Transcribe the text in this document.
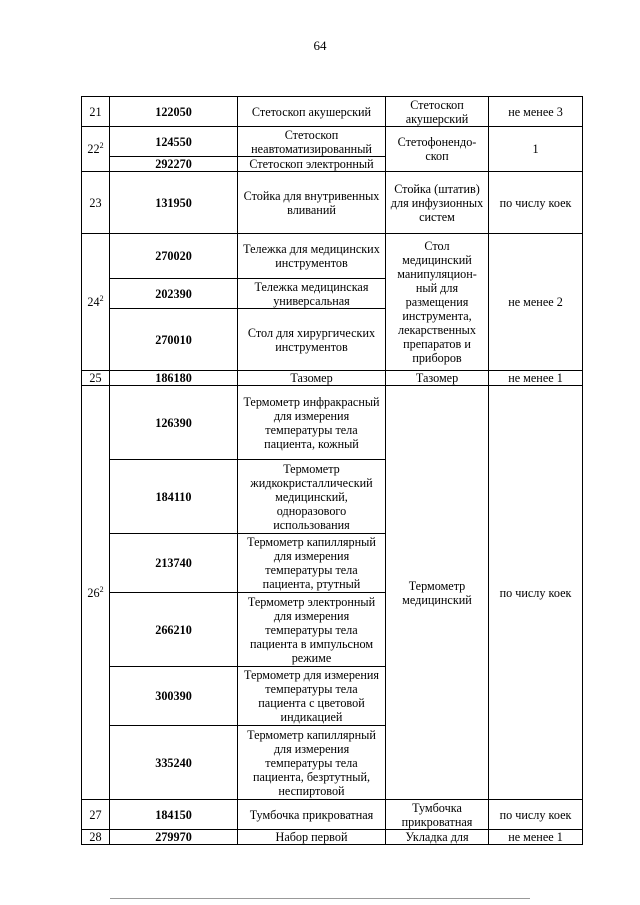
64
21	122050	Стетоскоп акушерский	Стетоскоп акушерский	не менее 3
$22^2$	124550	Стетоскоп неавтоматизированный	Стетофонендо- скоп	1
	292270	Стетоскоп электронный		
23	131950	Стойка для внутривенных вливаний	Стойка (штатив) для инфузионных систем	по числу коек
$24^2$	270020	Тележка для медицинских инструментов	Стол медицинский манипуляцион- ный для размещения инструмента, лекарственных препаратов и приборов	не менее 2
	202390	Тележка медицинская универсальная		
	270010	Стол для хирургических инструментов		
25	186180	Тазомер	Тазомер	не менее 1
$26^2$	126390	Термометр инфракрасный для измерения температуры тела пациента, кожный	Термометр медицинский	по числу коек
	184110	Термометр жидкокристаллический медицинский, одноразового использования		
	213740	Термометр капиллярный для измерения температуры тела пациента, ртутный		
	266210	Термометр электронный для измерения температуры тела пациента в импульсном режиме		
	300390	Термометр для измерения температуры тела пациента с цветовой индикацией		
	335240	Термометр капиллярный для измерения температуры тела пациента, безртутный, неспиртовой		
27	184150	Тумбочка прикроватная	Тумбочка прикроватная	по числу коек
28	279970	Набор первой	Укладка для	не менее 1
